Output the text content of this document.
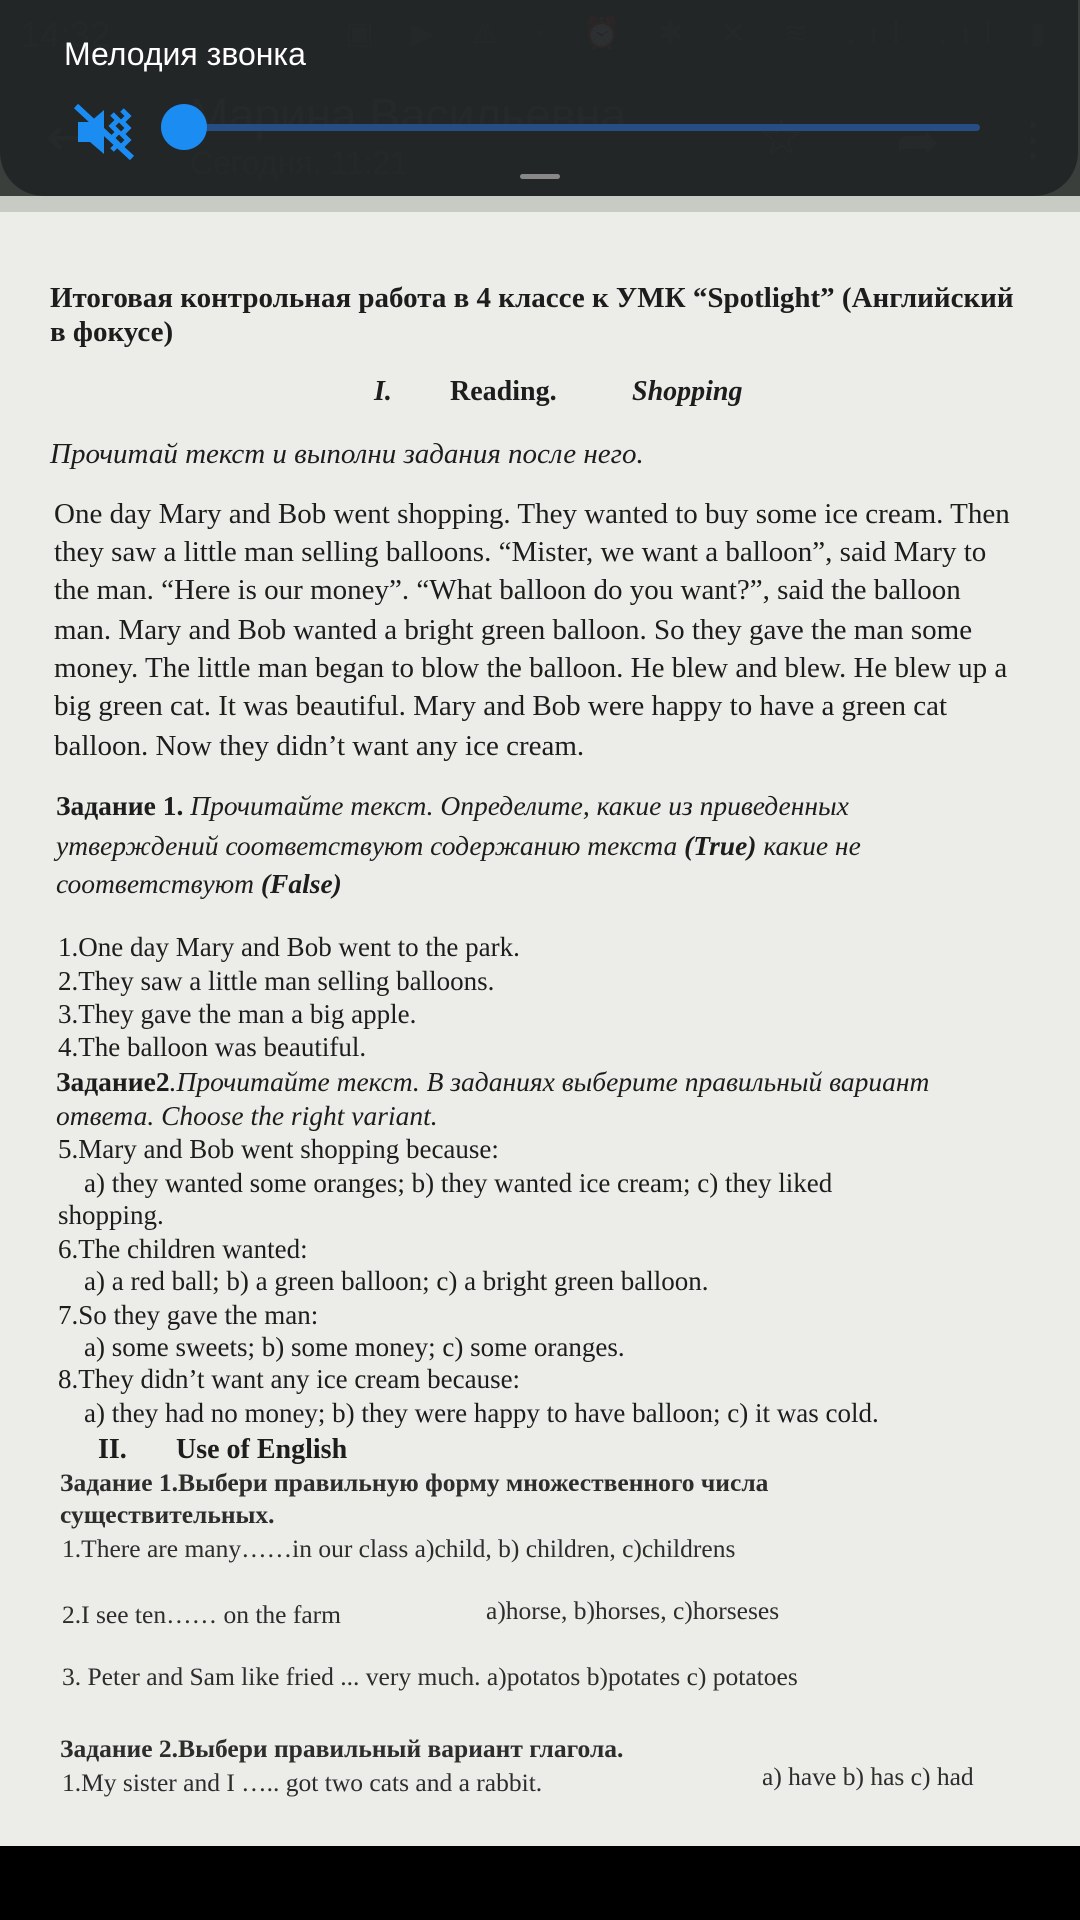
Мелодия звонка
Итоговая контрольная работа в 4 классе к УМК “Spotlight” (Английский
в фокусе)
I. Reading.	Shopping
Прочитай текст и выполни задания после него.
One day Mary and Bob went shopping. They wanted to buy some ice cream. Then
they saw a little man selling balloons. “Mister, we want a balloon”, said Mary to
the man. “Here is our money”. “What balloon do you want?”, said the balloon
man. Mary and Bob wanted a bright green balloon. So they gave the man some
money. The little man began to blow the balloon. He blew and blew. He blew up a
big green cat. It was beautiful. Mary and Bob were happy to have a green cat
balloon. Now they didn’t want any ice cream.
Задание 1. Прочитайте текст. Определите, какие из приведенных
утверждений соответствуют содержанию текста (True) какие не
соответствуют (False)
1.One day Mary and Bob went to the park.
2.They saw a little man selling balloons.
3.They gave the man a big apple.
4.The balloon was beautiful.
Задание2.Прочитайте текст. В заданиях выберите правильный вариант
ответа. Choose the right variant.
5.Mary and Bob went shopping because:
a) they wanted some oranges; b) they wanted ice cream; c) they liked
shopping.
6.The children wanted:
a) a red ball; b) a green balloon; c) a bright green balloon.
7.So they gave the man:
a) some sweets; b) some money; c) some oranges.
8.They didn’t want any ice cream because:
a) they had no money; b) they were happy to have balloon; c) it was cold.
II. Use of English
Задание 1.Выбери правильную форму множественного числа
существительных.
1.There are many……in our class a)child, b) children, c)childrens
2.I see ten…… on the farm	a)horse, b)horses, c)horseses
3. Peter and Sam like fried ... very much. a)potatos b)potates c) potatoes
Задание 2.Выбери правильный вариант глагола.
1.My sister and I ….. got two cats and a rabbit.	a) have b) has c) had
